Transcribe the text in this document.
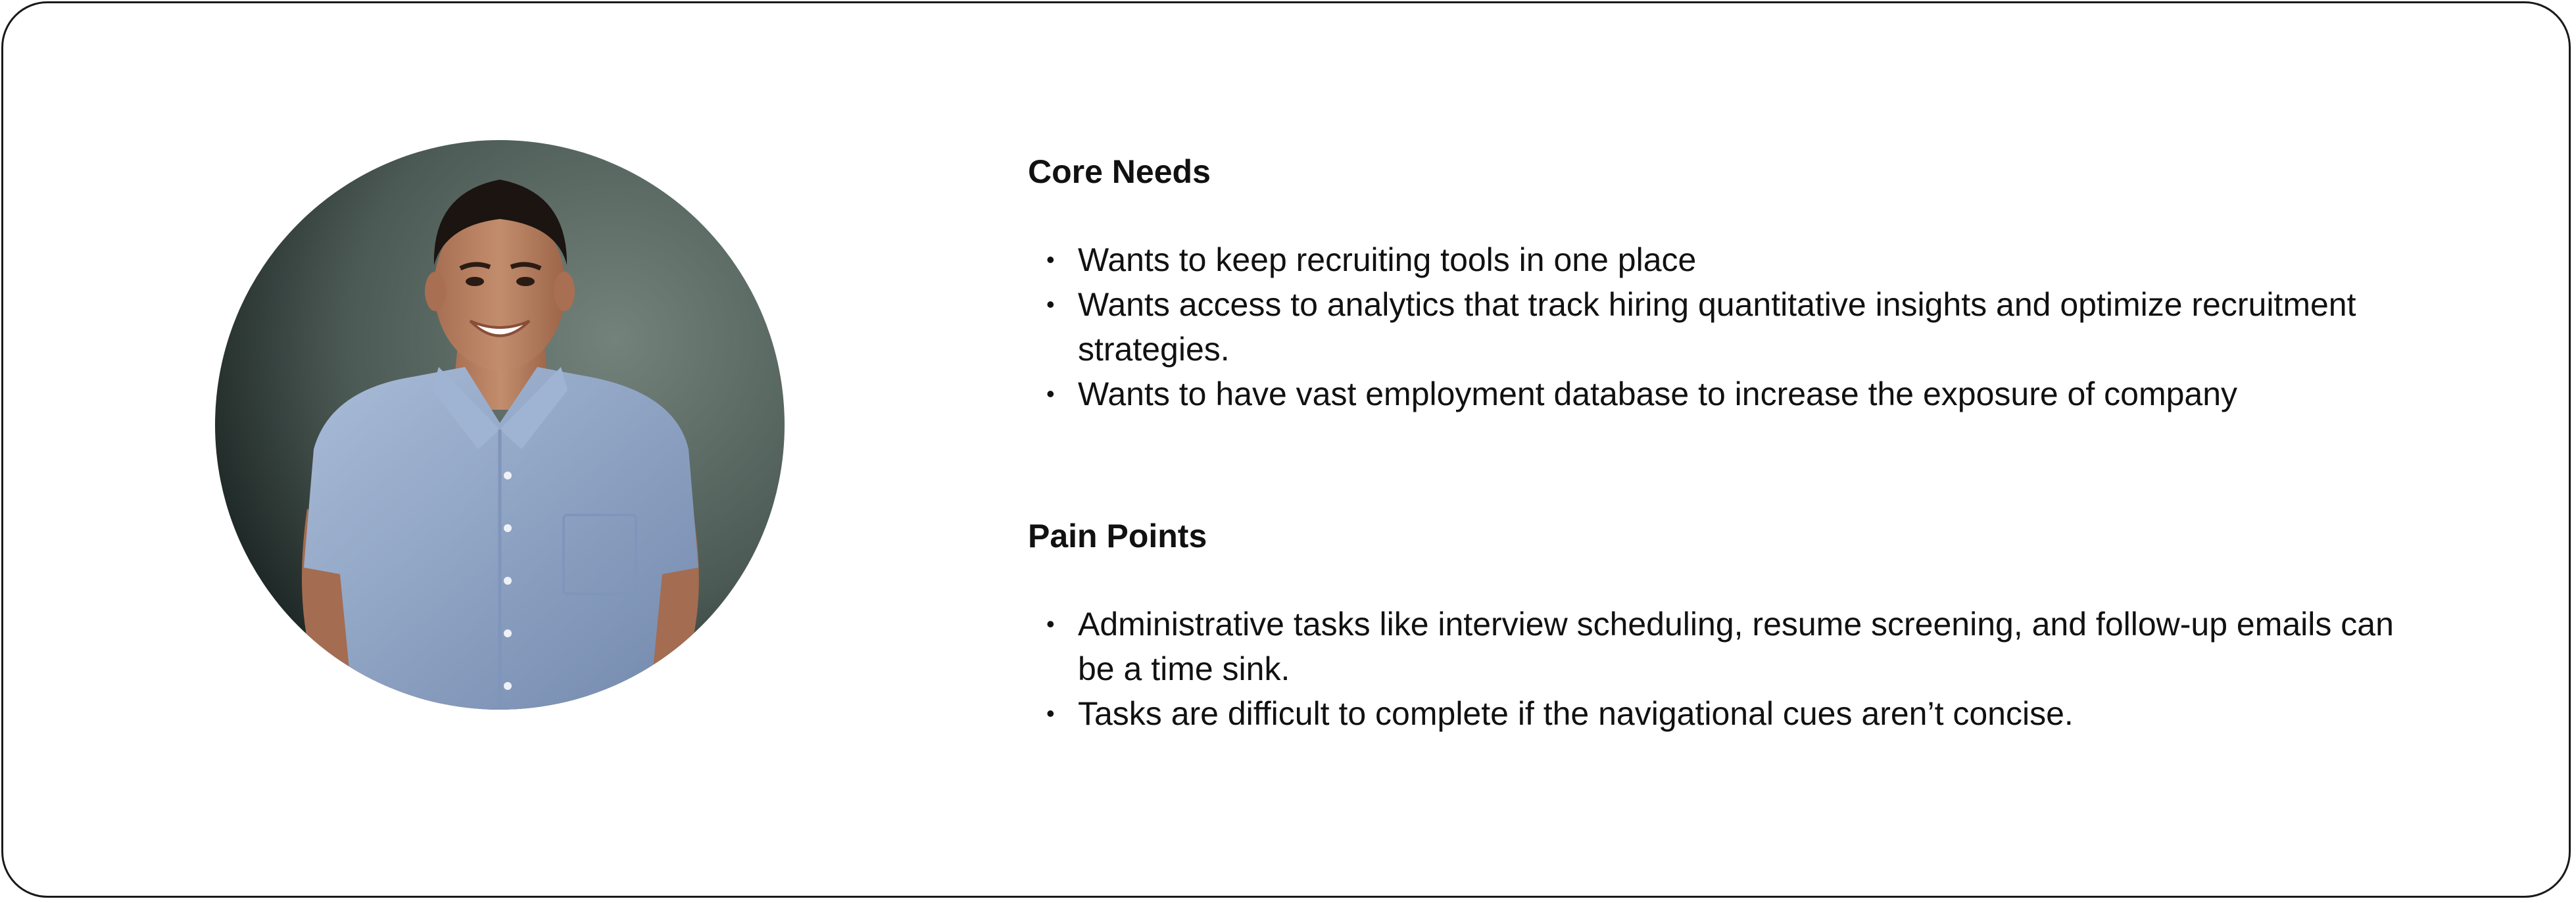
Core Needs
• Wants to keep recruiting tools in one place
• Wants access to analytics that track hiring quantitative insights and optimize recruitment strategies.
• Wants to have vast employment database to increase the exposure of company
Pain Points
• Administrative tasks like interview scheduling, resume screening, and follow-up emails can be a time sink.
• Tasks are difficult to complete if the navigational cues aren’t concise.
